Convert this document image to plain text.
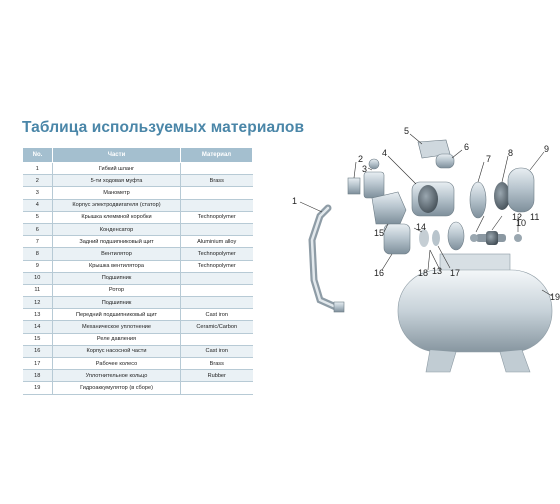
Таблица используемых материалов
No.	Части	Материал
1	Гибкий шланг	
2	5-ти ходовая муфта	Brass
3	Манометр	
4	Корпус электродвигателя (статор)	
5	Крышка клеммной коробки	Technopolymer
6	Конденсатор	
7	Задний подшипниковый щит	Aluminium alloy
8	Вентилятор	Technopolymer
9	Крышка вентилятора	Technopolymer
10	Подшипник	
11	Ротор	
12	Подшипник	
13	Передний подшипниковый щит	Cast iron
14	Механическое уплотнение	Ceramic/Carbon
15	Реле давления	
16	Корпус насосной части	Cast iron
17	Рабочее колесо	Brass
18	Уплотнительное кольцо	Rubber
19	Гидроаккумулятор (в сборе)	
1
2
3
4
5
6
7
8	9
10
11
12
13
14
15
16	17
18
19
